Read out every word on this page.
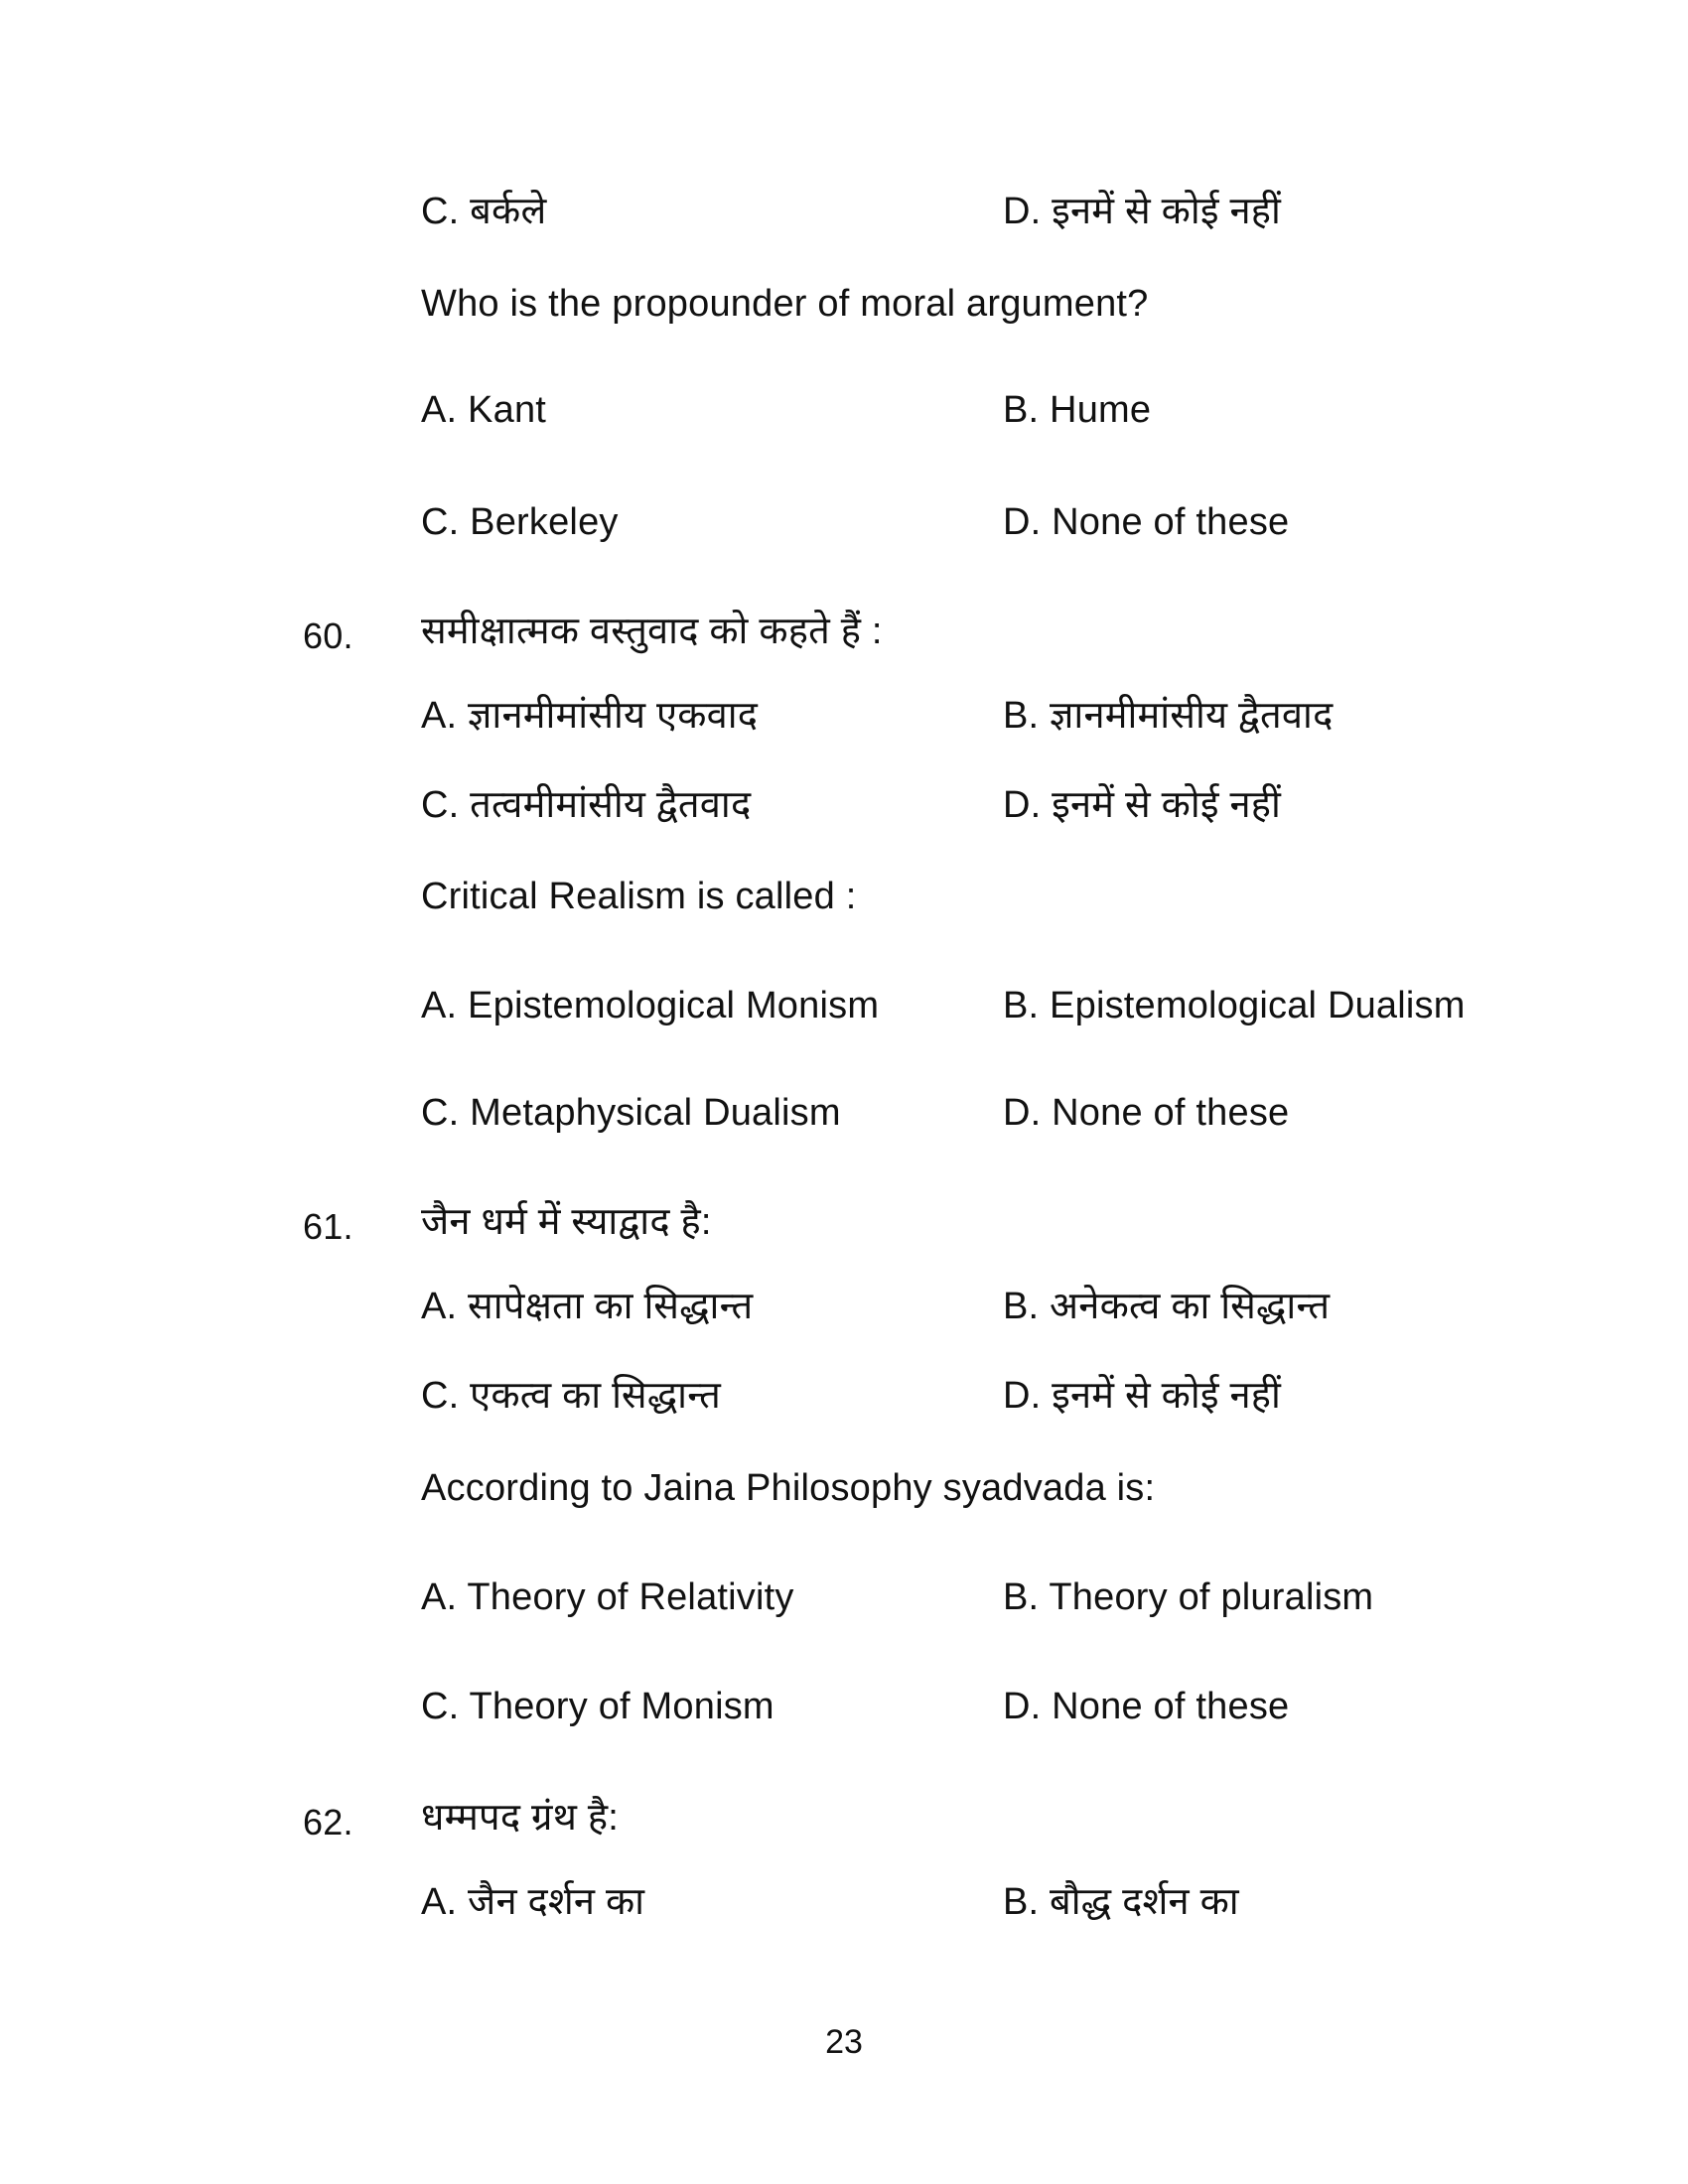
C. बर्कले	D. इनमें से कोई नहीं
Who is the propounder of moral argument?
A. Kant	B. Hume
C. Berkeley	D. None of these
60. समीक्षात्मक वस्तुवाद को कहते हैं :
A. ज्ञानमीमांसीय एकवाद	B. ज्ञानमीमांसीय द्वैतवाद
C. तत्वमीमांसीय द्वैतवाद	D. इनमें से कोई नहीं
Critical Realism is called :
A. Epistemological Monism	B. Epistemological Dualism
C. Metaphysical Dualism	D. None of these
61. जैन धर्म में स्याद्वाद है:
A. सापेक्षता का सिद्धान्त	B. अनेकत्व का सिद्धान्त
C. एकत्व का सिद्धान्त	D. इनमें से कोई नहीं
According to Jaina Philosophy syadvada is:
A. Theory of Relativity	B. Theory of pluralism
C. Theory of Monism	D. None of these
62. धम्मपद ग्रंथ है:
A. जैन दर्शन का	B. बौद्ध दर्शन का
23
